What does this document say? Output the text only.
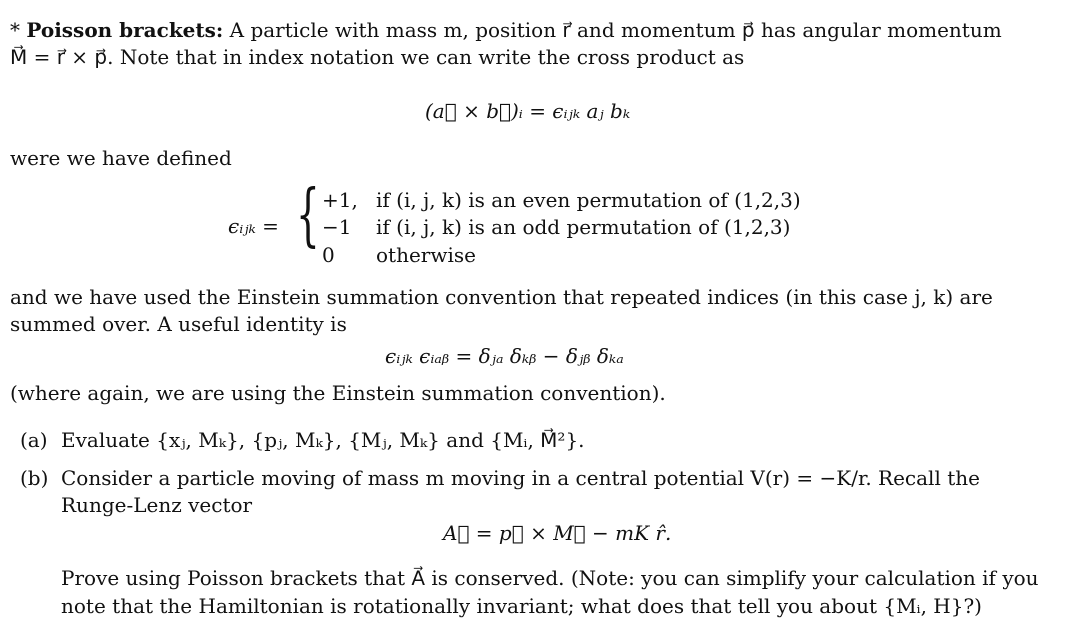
* Poisson brackets: A particle with mass m, position r⃗ and momentum p⃗ has angular momentum
M⃗ = r⃗ × p⃗. Note that in index notation we can write the cross product as
(a⃗ × b⃗)ᵢ = ϵᵢⱼₖ aⱼ bₖ
were we have defined
ϵᵢⱼₖ = { +1, if (i, j, k) is an even permutation of (1,2,3)
−1 if (i, j, k) is an odd permutation of (1,2,3)
0 otherwise
and we have used the Einstein summation convention that repeated indices (in this case j, k) are
summed over. A useful identity is
ϵᵢⱼₖ ϵᵢₐᵦ = δⱼₐ δₖᵦ − δⱼᵦ δₖₐ
(where again, we are using the Einstein summation convention).
(a) Evaluate {xⱼ, Mₖ}, {pⱼ, Mₖ}, {Mⱼ, Mₖ} and {Mᵢ, M⃗²}.
(b) Consider a particle moving of mass m moving in a central potential V(r) = −K/r. Recall the
Runge-Lenz vector
A⃗ = p⃗ × M⃗ − mK r̂.
Prove using Poisson brackets that A⃗ is conserved. (Note: you can simplify your calculation if you
note that the Hamiltonian is rotationally invariant; what does that tell you about {Mᵢ, H}?)
